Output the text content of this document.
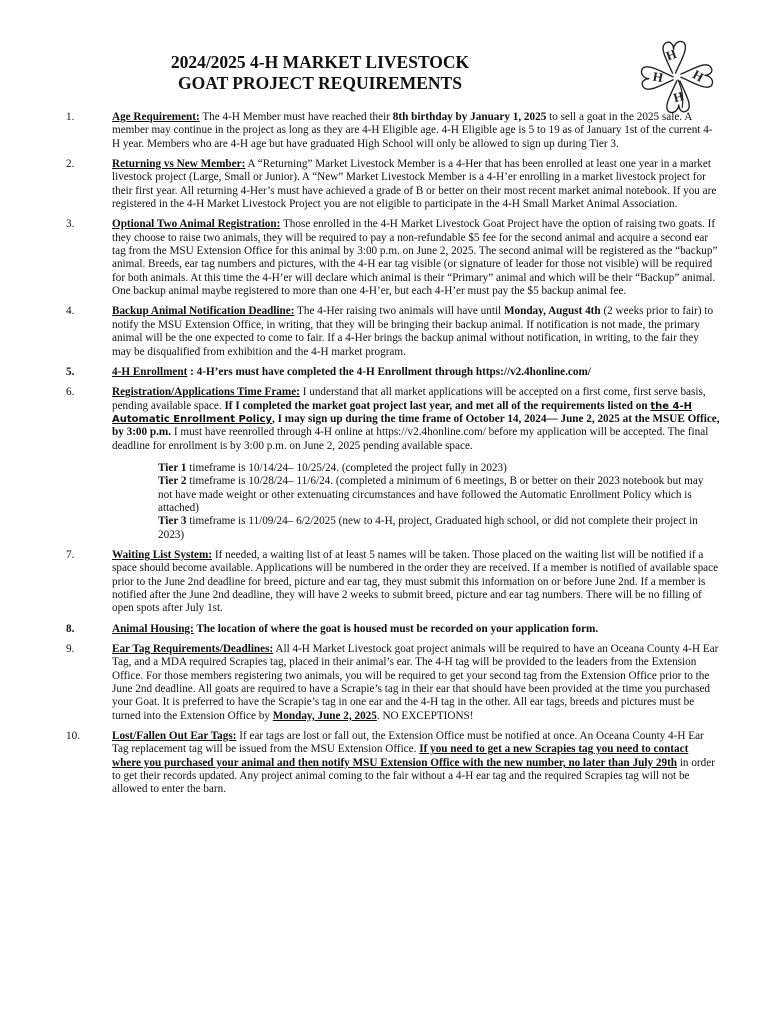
2024/2025 4-H MARKET LIVESTOCK
GOAT PROJECT REQUIREMENTS
H
H
H
H
1.	Age Requirement: The 4-H Member must have reached their 8th birthday by January 1, 2025 to sell a goat in the 2025 sale. A member may continue in the project as long as they are 4-H Eligible age. 4-H Eligible age is 5 to 19 as of January 1st of the current 4-H year. Members who are 4-H age but have graduated High School will only be allowed to sign up during Tier 3.
2.	Returning vs New Member: A “Returning” Market Livestock Member is a 4-Her that has been enrolled at least one year in a market livestock project (Large, Small or Junior). A “New” Market Livestock Member is a 4-H’er enrolling in a market livestock project for their first year. All returning 4-Her’s must have achieved a grade of B or better on their most recent market animal notebook. If you are registered in the 4-H Market Livestock Project you are not eligible to participate in the 4-H Small Market Animal Association.
3.	Optional Two Animal Registration: Those enrolled in the 4-H Market Livestock Goat Project have the option of raising two goats. If they choose to raise two animals, they will be required to pay a non-refundable $5 fee for the second animal and acquire a second ear tag from the MSU Extension Office for this animal by 3:00 p.m. on June 2, 2025. The second animal will be registered as the “backup” animal. Breeds, ear tag numbers and pictures, with the 4-H ear tag visible (or signature of leader for those not visible) will be required for both animals. At this time the 4-H’er will declare which animal is their “Primary” animal and which will be their “Backup” animal. One backup animal maybe registered to more than one 4-H’er, but each 4-H’er must pay the $5 backup animal fee.
4.	Backup Animal Notification Deadline: The 4-Her raising two animals will have until Monday, August 4th (2 weeks prior to fair) to notify the MSU Extension Office, in writing, that they will be bringing their backup animal. If notification is not made, the primary animal will be the one expected to come to fair. If a 4-Her brings the backup animal without notification, in writing, to the fair they may be disqualified from exhibition and the 4-H market program.
5.	4-H Enrollment : 4-H’ers must have completed the 4-H Enrollment through https://v2.4honline.com/
6.	Registration/Applications Time Frame: I understand that all market applications will be accepted on a first come, first serve basis, pending available space. If I completed the market goat project last year, and met all of the requirements listed on the 4-H Automatic Enrollment Policy, I may sign up during the time frame of October 14, 2024— June 2, 2025 at the MSUE Office, by 3:00 p.m. I must have reenrolled through 4-H online at https://v2.4honline.com/ before my application will be accepted. The final deadline for enrollment is by 3:00 p.m. on June 2, 2025 pending available space.
Tier 1 timeframe is 10/14/24– 10/25/24. (completed the project fully in 2023)
Tier 2 timeframe is 10/28/24– 11/6/24. (completed a minimum of 6 meetings, B or better on their 2023 notebook but may not have made weight or other extenuating circumstances and have followed the Automatic Enrollment Policy which is attached)
Tier 3 timeframe is 11/09/24– 6/2/2025 (new to 4-H, project, Graduated high school, or did not complete their project in 2023)
7.	Waiting List System: If needed, a waiting list of at least 5 names will be taken. Those placed on the waiting list will be notified if a space should become available. Applications will be numbered in the order they are received. If a member is notified of available space prior to the June 2nd deadline for breed, picture and ear tag, they must submit this information on or before June 2nd. If a member is notified after the June 2nd deadline, they will have 2 weeks to submit breed, picture and ear tag numbers. There will be no filling of open spots after July 1st.
8.	Animal Housing: The location of where the goat is housed must be recorded on your application form.
9.	Ear Tag Requirements/Deadlines: All 4-H Market Livestock goat project animals will be required to have an Oceana County 4-H Ear Tag, and a MDA required Scrapies tag, placed in their animal’s ear. The 4-H tag will be provided to the leaders from the Extension Office. For those members registering two animals, you will be required to get your second tag from the Extension Office prior to the June 2nd deadline. All goats are required to have a Scrapie’s tag in their ear that should have been provided at the time you purchased your Goat. It is preferred to have the Scrapie’s tag in one ear and the 4-H tag in the other. All ear tags, breeds and pictures must be turned into the Extension Office by Monday, June 2, 2025. NO EXCEPTIONS!
10.	Lost/Fallen Out Ear Tags: If ear tags are lost or fall out, the Extension Office must be notified at once. An Oceana County 4-H Ear Tag replacement tag will be issued from the MSU Extension Office. If you need to get a new Scrapies tag you need to contact where you purchased your animal and then notify MSU Extension Office with the new number, no later than July 29th in order to get their records updated. Any project animal coming to the fair without a 4-H ear tag and the required Scrapies tag will not be allowed to enter the barn.
